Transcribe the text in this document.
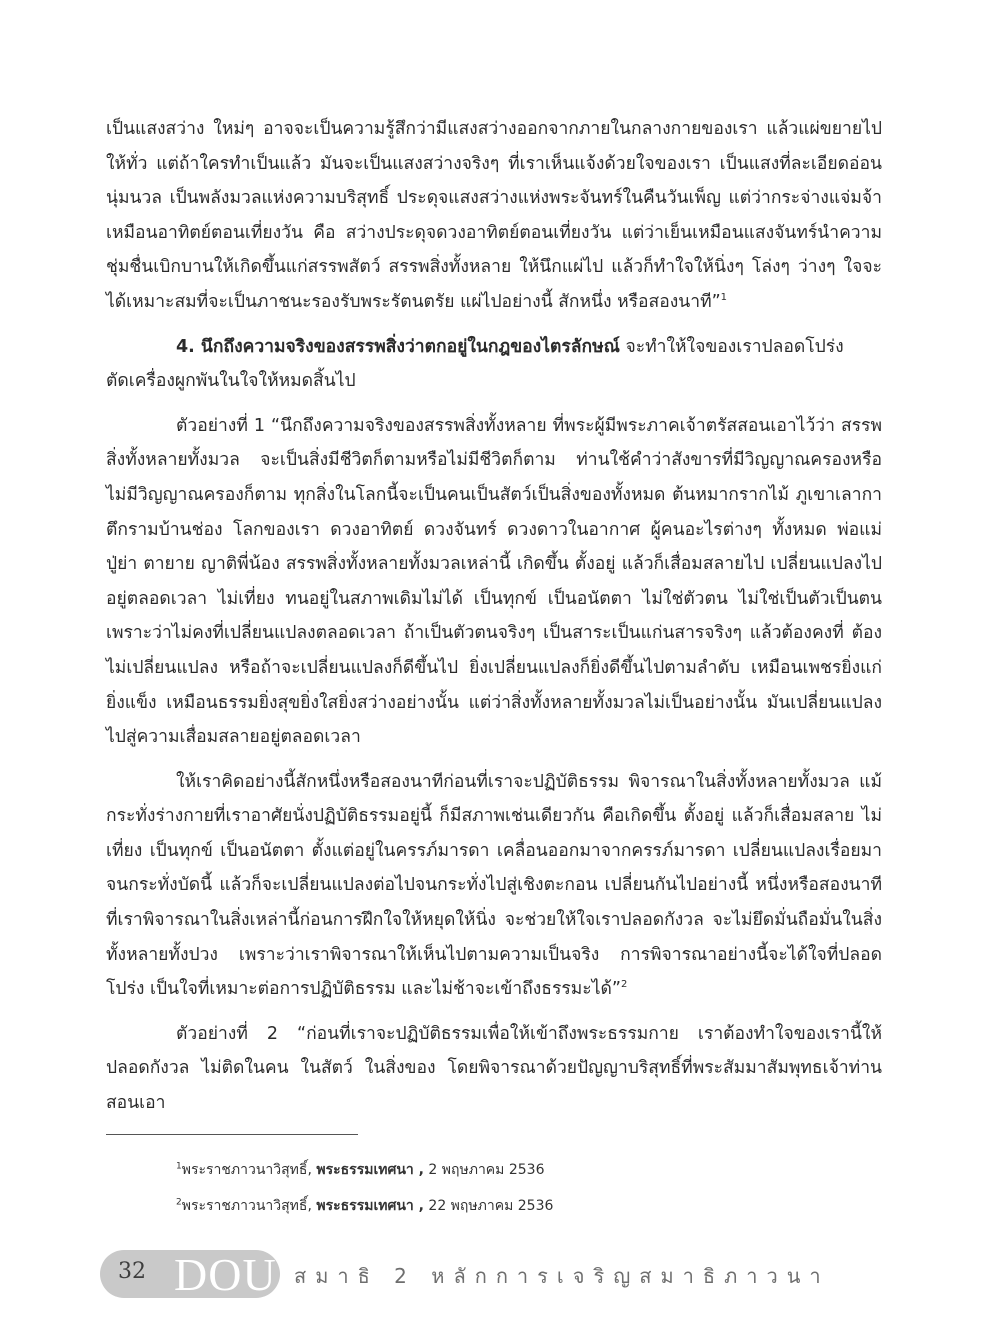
เป็นแสงสว่าง ใหม่ๆ อาจจะเป็นความรู้สึกว่ามีแสงสว่างออกจากภายในกลางกายของเรา แล้วแผ่ขยายไปให้ทั่ว แต่ถ้าใครทำเป็นแล้ว มันจะเป็นแสงสว่างจริงๆ ที่เราเห็นแจ้งด้วยใจของเรา เป็นแสงที่ละเอียดอ่อนนุ่มนวล เป็นพลังมวลแห่งความบริสุทธิ์ ประดุจแสงสว่างแห่งพระจันทร์ในคืนวันเพ็ญ แต่ว่ากระจ่างแจ่มจ้าเหมือนอาทิตย์ตอนเที่ยงวัน คือ สว่างประดุจดวงอาทิตย์ตอนเที่ยงวัน แต่ว่าเย็นเหมือนแสงจันทร์นำความชุ่มชื่นเบิกบานให้เกิดขึ้นแก่สรรพสัตว์ สรรพสิ่งทั้งหลาย ให้นึกแผ่ไป แล้วก็ทำใจให้นิ่งๆ โล่งๆ ว่างๆ ใจจะได้เหมาะสมที่จะเป็นภาชนะรองรับพระรัตนตรัย แผ่ไปอย่างนี้ สักหนึ่ง หรือสองนาที”$^1$

4. นึกถึงความจริงของสรรพสิ่งว่าตกอยู่ในกฎของไตรลักษณ์ จะทำให้ใจของเราปลอดโปร่ง

ตัดเครื่องผูกพันในใจให้หมดสิ้นไป

ตัวอย่างที่ 1 “นึกถึงความจริงของสรรพสิ่งทั้งหลาย ที่พระผู้มีพระภาคเจ้าตรัสสอนเอาไว้ว่า สรรพสิ่งทั้งหลายทั้งมวล จะเป็นสิ่งมีชีวิตก็ตามหรือไม่มีชีวิตก็ตาม ท่านใช้คำว่าสังขารที่มีวิญญาณครองหรือไม่มีวิญญาณครองก็ตาม ทุกสิ่งในโลกนี้จะเป็นคนเป็นสัตว์เป็นสิ่งของทั้งหมด ต้นหมากรากไม้ ภูเขาเลากา ตึกรามบ้านช่อง โลกของเรา ดวงอาทิตย์ ดวงจันทร์ ดวงดาวในอากาศ ผู้คนอะไรต่างๆ ทั้งหมด พ่อแม่ ปู่ย่า ตายาย ญาติพี่น้อง สรรพสิ่งทั้งหลายทั้งมวลเหล่านี้ เกิดขึ้น ตั้งอยู่ แล้วก็เสื่อมสลายไป เปลี่ยนแปลงไปอยู่ตลอดเวลา ไม่เที่ยง ทนอยู่ในสภาพเดิมไม่ได้ เป็นทุกข์ เป็นอนัตตา ไม่ใช่ตัวตน ไม่ใช่เป็นตัวเป็นตน เพราะว่าไม่คงที่เปลี่ยนแปลงตลอดเวลา ถ้าเป็นตัวตนจริงๆ เป็นสาระเป็นแก่นสารจริงๆ แล้วต้องคงที่ ต้องไม่เปลี่ยนแปลง หรือถ้าจะเปลี่ยนแปลงก็ดีขึ้นไป ยิ่งเปลี่ยนแปลงก็ยิ่งดีขึ้นไปตามลำดับ เหมือนเพชรยิ่งแก่ยิ่งแข็ง เหมือนธรรมยิ่งสุขยิ่งใสยิ่งสว่างอย่างนั้น แต่ว่าสิ่งทั้งหลายทั้งมวลไม่เป็นอย่างนั้น มันเปลี่ยนแปลงไปสู่ความเสื่อมสลายอยู่ตลอดเวลา

ให้เราคิดอย่างนี้สักหนึ่งหรือสองนาทีก่อนที่เราจะปฏิบัติธรรม พิจารณาในสิ่งทั้งหลายทั้งมวล แม้กระทั่งร่างกายที่เราอาศัยนั่งปฏิบัติธรรมอยู่นี้ ก็มีสภาพเช่นเดียวกัน คือเกิดขึ้น ตั้งอยู่ แล้วก็เสื่อมสลาย ไม่เที่ยง เป็นทุกข์ เป็นอนัตตา ตั้งแต่อยู่ในครรภ์มารดา เคลื่อนออกมาจากครรภ์มารดา เปลี่ยนแปลงเรื่อยมาจนกระทั่งบัดนี้ แล้วก็จะเปลี่ยนแปลงต่อไปจนกระทั่งไปสู่เชิงตะกอน เปลี่ยนกันไปอย่างนี้ หนึ่งหรือสองนาทีที่เราพิจารณาในสิ่งเหล่านี้ก่อนการฝึกใจให้หยุดให้นิ่ง จะช่วยให้ใจเราปลอดกังวล จะไม่ยึดมั่นถือมั่นในสิ่งทั้งหลายทั้งปวง เพราะว่าเราพิจารณาให้เห็นไปตามความเป็นจริง การพิจารณาอย่างนี้จะได้ใจที่ปลอดโปร่ง เป็นใจที่เหมาะต่อการปฏิบัติธรรม และไม่ช้าจะเข้าถึงธรรมะได้”$^2$

ตัวอย่างที่ 2 “ก่อนที่เราจะปฏิบัติธรรมเพื่อให้เข้าถึงพระธรรมกาย เราต้องทำใจของเรานี้ให้ปลอดกังวล ไม่ติดในคน ในสัตว์ ในสิ่งของ โดยพิจารณาด้วยปัญญาบริสุทธิ์ที่พระสัมมาสัมพุทธเจ้าท่านสอนเอา

$^1$พระราชภาวนาวิสุทธิ์, พระธรรมเทศนา , 2 พฤษภาคม 2536
$^2$พระราชภาวนาวิสุทธิ์, พระธรรมเทศนา , 22 พฤษภาคม 2536
32 DOU สมาธิ 2 หลักการเจริญสมาธิภาวนา
